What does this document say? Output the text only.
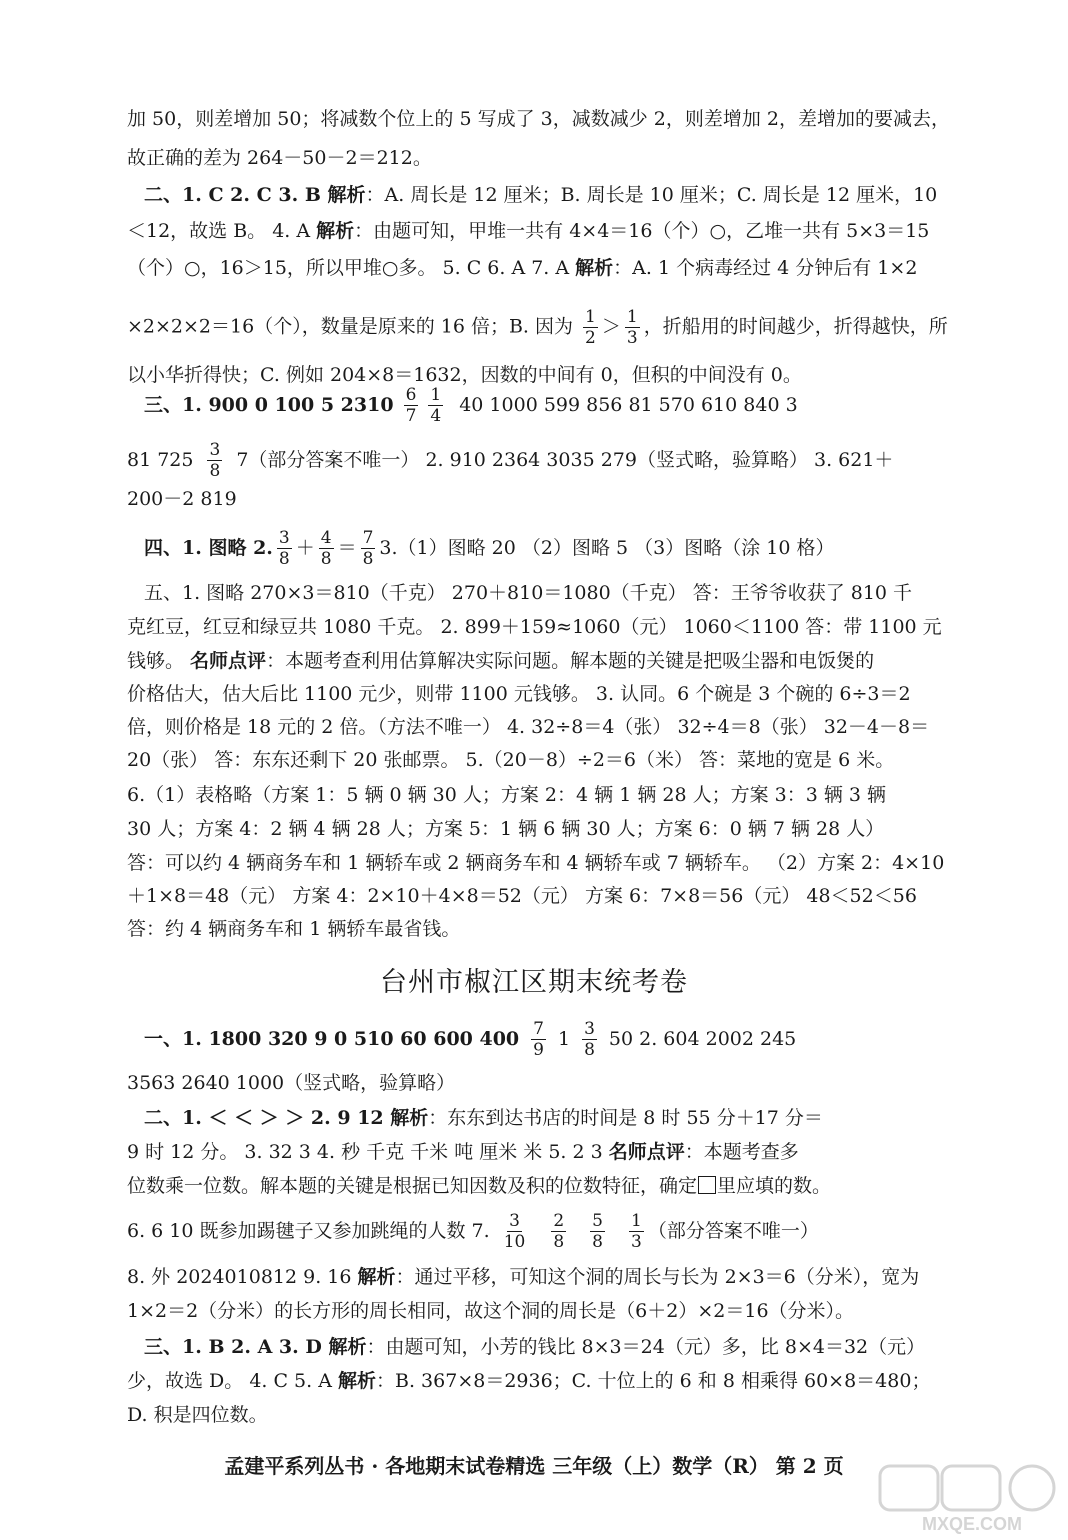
加 50，则差增加 50；将减数个位上的 5 写成了 3，减数减少 2，则差增加 2，差增加的要减去，
故正确的差为 264－50－2＝212。
二、1. C 2. C 3. B 解析：A. 周长是 12 厘米；B. 周长是 10 厘米；C. 周长是 12 厘米，10
＜12，故选 B。 4. A 解析：由题可知，甲堆一共有 4×4＝16（个）○，乙堆一共有 5×3＝15
（个）○，16＞15，所以甲堆○多。 5. C 6. A 7. A 解析：A. 1 个病毒经过 4 分钟后有 1×2
×2×2×2＝16（个），数量是原来的 16 倍；B. 因为 $\frac{1}{2} > \frac{1}{3}$ ，折船用的时间越少，折得越快，所
以小华折得快；C. 例如 204×8＝1632，因数的中间有 0，但积的中间没有 0。
三、1. 900 0 100 5 $2310 \frac{6}{7} \frac{1}{4} 40$ 1000 599 856 81 570 610 840 3
81 $725 \frac{3}{8} 7$（部分答案不唯一） 2. 910 2364 3035 279（竖式略，验算略） 3. 621＋
200－2 819
四、1. 图略 2. $\frac{3}{8} + \frac{4}{8} = \frac{7}{8} 3.(1)$图略 20 （2）图略 5 （3）图略（涂 10 格）
五、1. 图略 270×3＝810（千克） 270＋810＝1080（千克） 答：王爷爷收获了 810 千
克红豆，红豆和绿豆共 1080 千克。 2. 899＋159≈1060（元） 1060＜1100 答：带 1100 元
钱够。 名师点评：本题考查利用估算解决实际问题。解本题的关键是把吸尘器和电饭煲的
价格估大，估大后比 1100 元少，则带 1100 元钱够。 3. 认同。6 个碗是 3 个碗的 6÷3＝2
倍，则价格是 18 元的 2 倍。（方法不唯一） 4. 32÷8＝4（张） 32÷4＝8（张） 32－4－8＝
20（张） 答：东东还剩下 20 张邮票。 5.（20－8）÷2＝6（米） 答：菜地的宽是 6 米。
6.（1）表格略（方案 1：5 辆 0 辆 30 人；方案 2：4 辆 1 辆 28 人；方案 3：3 辆 3 辆
30 人；方案 4：2 辆 4 辆 28 人；方案 5：1 辆 6 辆 30 人；方案 6：0 辆 7 辆 28 人）
答：可以约 4 辆商务车和 1 辆轿车或 2 辆商务车和 4 辆轿车或 7 辆轿车。 （2）方案 2：4×10
＋1×8＝48（元） 方案 4：2×10＋4×8＝52（元） 方案 6：7×8＝56（元） 48＜52＜56
答：约 4 辆商务车和 1 辆轿车最省钱。
台州市椒江区期末统考卷
一、1. 1800 320 9 0 510 60 600 $400 \frac{7}{9} 1 \frac{3}{8} 50$ 2. 604 2002 245
3563 2640 1000（竖式略，验算略）
二、1. ＜ ＜ ＞ ＞ 2. 9 12 解析：东东到达书店的时间是 8 时 55 分＋17 分＝
9 时 12 分。 3. 32 3 4. 秒 千克 千米 吨 厘米 米 5. 2 3 名师点评：本题考查多
位数乘一位数。解本题的关键是根据已知因数及积的位数特征，确定 里应填的数。
6. 6 10 既参加踢毽子又参加跳绳的人数 7. $\frac{3}{10} \frac{2}{8} \frac{5}{8} \frac{1}{3}$ （部分答案不唯一）
8. 外 2024010812 9. 16 解析：通过平移，可知这个洞的周长与长为 2×3＝6（分米），宽为
1×2＝2（分米）的长方形的周长相同，故这个洞的周长是（6＋2）×2＝16（分米）。
三、1. B 2. A 3. D 解析：由题可知，小芳的钱比 8×3＝24（元）多，比 8×4＝32（元）
少，故选 D。 4. C 5. A 解析：B. 367×8＝2936；C. 十位上的 6 和 8 相乘得 60×8＝480；
D. 积是四位数。
孟建平系列丛书 · 各地期末试卷精选 三年级（上）数学（R） 第 2 页
MXQE.COM
